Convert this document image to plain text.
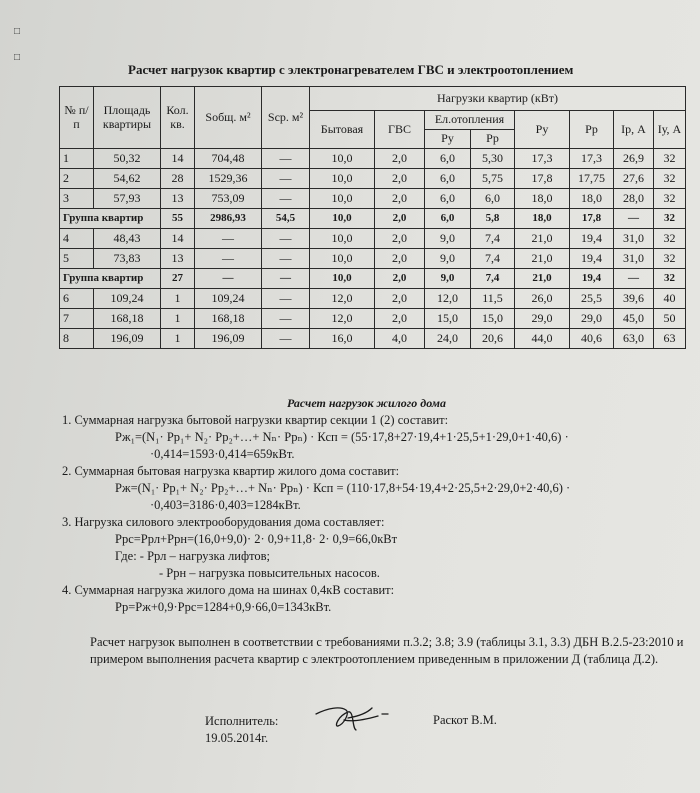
□
□
Расчет нагрузок квартир с электронагревателем ГВС и электроотоплением
№ п/п	Площадь квартиры	Кол. кв.	Sобщ. м²	Sср. м²	Нагрузки квартир (кВт)							
					Бытовая	ГВС	Ел.отопления		Ру	Рр	Ір, А	Іу, А
							Ру	Рр				
1	50,32	14	704,48	—	10,0	2,0	6,0	5,30	17,3	17,3	26,9	32
2	54,62	28	1529,36	—	10,0	2,0	6,0	5,75	17,8	17,75	27,6	32
3	57,93	13	753,09	—	10,0	2,0	6,0	6,0	18,0	18,0	28,0	32
Группа квартир		55	2986,93	54,5	10,0	2,0	6,0	5,8	18,0	17,8	—	32
4	48,43	14	—	—	10,0	2,0	9,0	7,4	21,0	19,4	31,0	32
5	73,83	13	—	—	10,0	2,0	9,0	7,4	21,0	19,4	31,0	32
Группа квартир		27	—	—	10,0	2,0	9,0	7,4	21,0	19,4	—	32
6	109,24	1	109,24	—	12,0	2,0	12,0	11,5	26,0	25,5	39,6	40
7	168,18	1	168,18	—	12,0	2,0	15,0	15,0	29,0	29,0	45,0	50
8	196,09	1	196,09	—	16,0	4,0	24,0	20,6	44,0	40,6	63,0	63
Расчет нагрузок жилого дома

1. Суммарная нагрузка бытовой нагрузки квартир секции 1 (2) составит:

Рж₁=(N₁· Рр₁+ N₂· Рр₂+…+ Nₙ· Ррₙ) · Ксп = (55·17,8+27·19,4+1·25,5+1·29,0+1·40,6) ·

·0,414=1593·0,414=659кВт.

2. Суммарная бытовая нагрузка квартир жилого дома составит:

Рж=(N₁· Рр₁+ N₂· Рр₂+…+ Nₙ· Ррₙ) · Ксп = (110·17,8+54·19,4+2·25,5+2·29,0+2·40,6) ·

·0,403=3186·0,403=1284кВт.

3. Нагрузка силового электрооборудования дома составляет:

Ррс=Ррл+Ррн=(16,0+9,0)· 2· 0,9+11,8· 2· 0,9=66,0кВт

Где: - Ррл – нагрузка лифтов;

- Ррн – нагрузка повысительных насосов.

4. Суммарная нагрузка жилого дома на шинах 0,4кВ составит:

Рр=Рж+0,9·Ррс=1284+0,9·66,0=1343кВт.

Расчет нагрузок выполнен в соответствии с требованиями п.3.2; 3.8; 3.9 (таблицы 3.1, 3.3) ДБН В.2.5-23:2010 и примером выполнения расчета квартир с электроотоплением приведенным в приложении Д (таблица Д.2).

Исполнитель:
19.05.2014г.
Раскот В.М.
